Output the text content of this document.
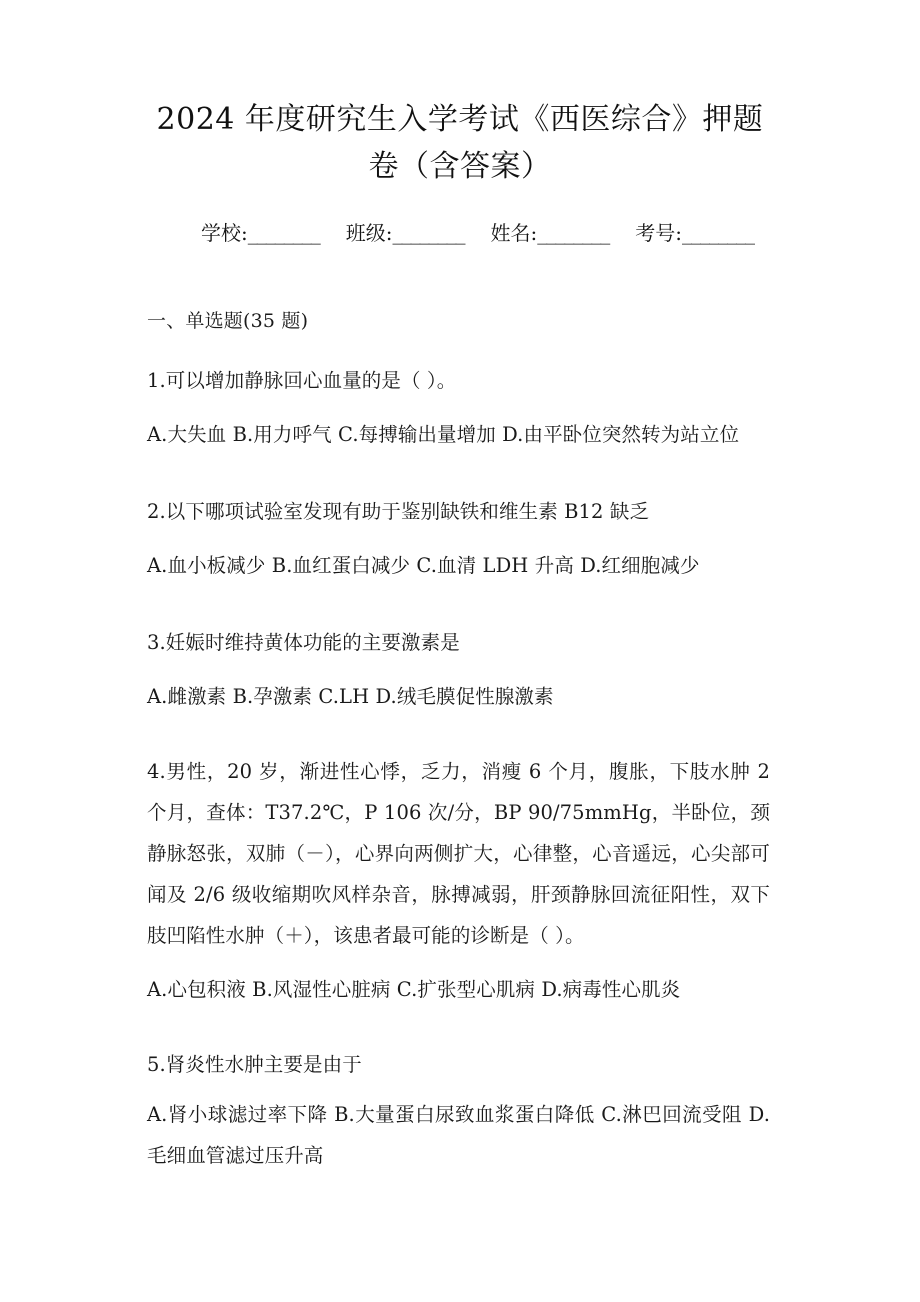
2024 年度研究生入学考试《西医综合》押题
卷（含答案）
学校:________ 班级:________ 姓名:________ 考号:________
一、单选题(35 题)

1.可以增加静脉回心血量的是（ ）。

A.大失血 B.用力呼气 C.每搏输出量增加 D.由平卧位突然转为站立位

2.以下哪项试验室发现有助于鉴别缺铁和维生素 B12 缺乏

A.血小板减少 B.血红蛋白减少 C.血清 LDH 升高 D.红细胞减少

3.妊娠时维持黄体功能的主要激素是

A.雌激素 B.孕激素 C.LH D.绒毛膜促性腺激素

4.男性，20 岁，渐进性心悸，乏力，消瘦 6 个月，腹胀，下肢水肿 2 个月，查体：T37.2℃，P 106 次/分，BP 90/75mmHg，半卧位，颈静脉怒张，双肺（－），心界向两侧扩大，心律整，心音遥远，心尖部可闻及 2/6 级收缩期吹风样杂音，脉搏减弱，肝颈静脉回流征阳性，双下肢凹陷性水肿（＋），该患者最可能的诊断是（ ）。

A.心包积液 B.风湿性心脏病 C.扩张型心肌病 D.病毒性心肌炎

5.肾炎性水肿主要是由于

A.肾小球滤过率下降 B.大量蛋白尿致血浆蛋白降低 C.淋巴回流受阻 D.毛细血管滤过压升高
